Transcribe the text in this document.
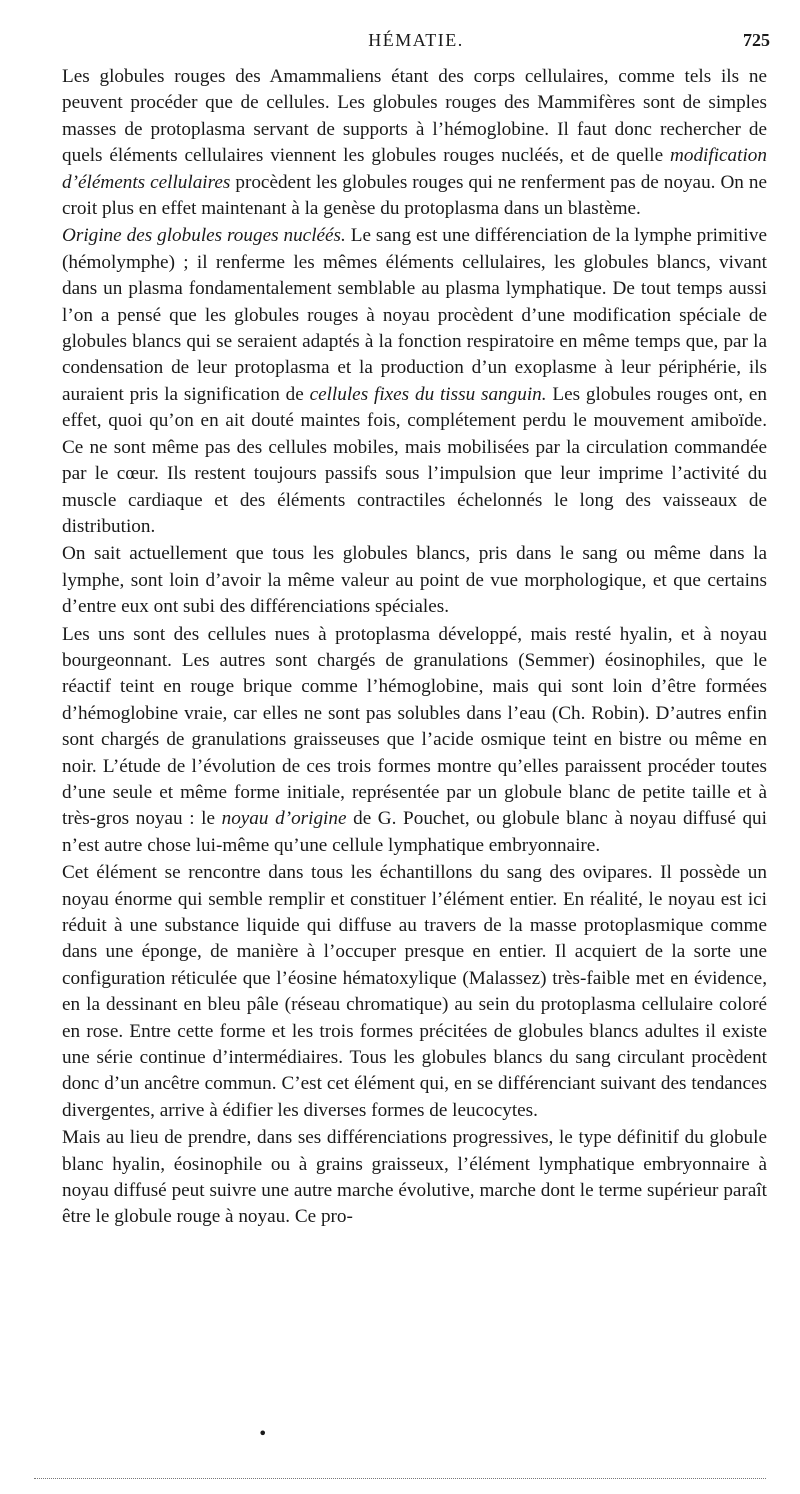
HÉMATIE.	725

Les globules rouges des Amammaliens étant des corps cellulaires, comme tels ils ne peuvent procéder que de cellules. Les globules rouges des Mammifères sont de simples masses de protoplasma servant de supports à l’hémoglobine. Il faut donc rechercher de quels éléments cellulaires viennent les globules rouges nucléés, et de quelle modification d’éléments cellulaires procèdent les globules rouges qui ne renferment pas de noyau. On ne croit plus en effet maintenant à la genèse du protoplasma dans un blastème.

Origine des globules rouges nucléés. Le sang est une différenciation de la lymphe primitive (hémolymphe) ; il renferme les mêmes éléments cellulaires, les globules blancs, vivant dans un plasma fondamentalement semblable au plasma lymphatique. De tout temps aussi l’on a pensé que les globules rouges à noyau procèdent d’une modification spéciale de globules blancs qui se seraient adaptés à la fonction respiratoire en même temps que, par la condensation de leur protoplasma et la production d’un exoplasme à leur périphérie, ils auraient pris la signification de cellules fixes du tissu sanguin. Les globules rouges ont, en effet, quoi qu’on en ait douté maintes fois, complétement perdu le mouvement amiboïde. Ce ne sont même pas des cellules mobiles, mais mobilisées par la circulation commandée par le cœur. Ils restent toujours passifs sous l’impulsion que leur imprime l’activité du muscle cardiaque et des éléments contractiles échelonnés le long des vaisseaux de distribution.

On sait actuellement que tous les globules blancs, pris dans le sang ou même dans la lymphe, sont loin d’avoir la même valeur au point de vue morphologique, et que certains d’entre eux ont subi des différenciations spéciales.

Les uns sont des cellules nues à protoplasma développé, mais resté hyalin, et à noyau bourgeonnant. Les autres sont chargés de granulations (Semmer) éosinophiles, que le réactif teint en rouge brique comme l’hémoglobine, mais qui sont loin d’être formées d’hémoglobine vraie, car elles ne sont pas solubles dans l’eau (Ch. Robin). D’autres enfin sont chargés de granulations graisseuses que l’acide osmique teint en bistre ou même en noir. L’étude de l’évolution de ces trois formes montre qu’elles paraissent procéder toutes d’une seule et même forme initiale, représentée par un globule blanc de petite taille et à très-gros noyau : le noyau d’origine de G. Pouchet, ou globule blanc à noyau diffusé qui n’est autre chose lui-même qu’une cellule lymphatique embryonnaire.

Cet élément se rencontre dans tous les échantillons du sang des ovipares. Il possède un noyau énorme qui semble remplir et constituer l’élément entier. En réalité, le noyau est ici réduit à une substance liquide qui diffuse au travers de la masse protoplasmique comme dans une éponge, de manière à l’occuper presque en entier. Il acquiert de la sorte une configuration réticulée que l’éosine hématoxylique (Malassez) très-faible met en évidence, en la dessinant en bleu pâle (réseau chromatique) au sein du protoplasma cellulaire coloré en rose. Entre cette forme et les trois formes précitées de globules blancs adultes il existe une série continue d’intermédiaires. Tous les globules blancs du sang circulant procèdent donc d’un ancêtre commun. C’est cet élément qui, en se différenciant suivant des tendances divergentes, arrive à édifier les diverses formes de leucocytes.

Mais au lieu de prendre, dans ses différenciations progressives, le type définitif du globule blanc hyalin, éosinophile ou à grains graisseux, l’élément lymphatique embryonnaire à noyau diffusé peut suivre une autre marche évolutive, marche dont le terme supérieur paraît être le globule rouge à noyau. Ce pro-

•
